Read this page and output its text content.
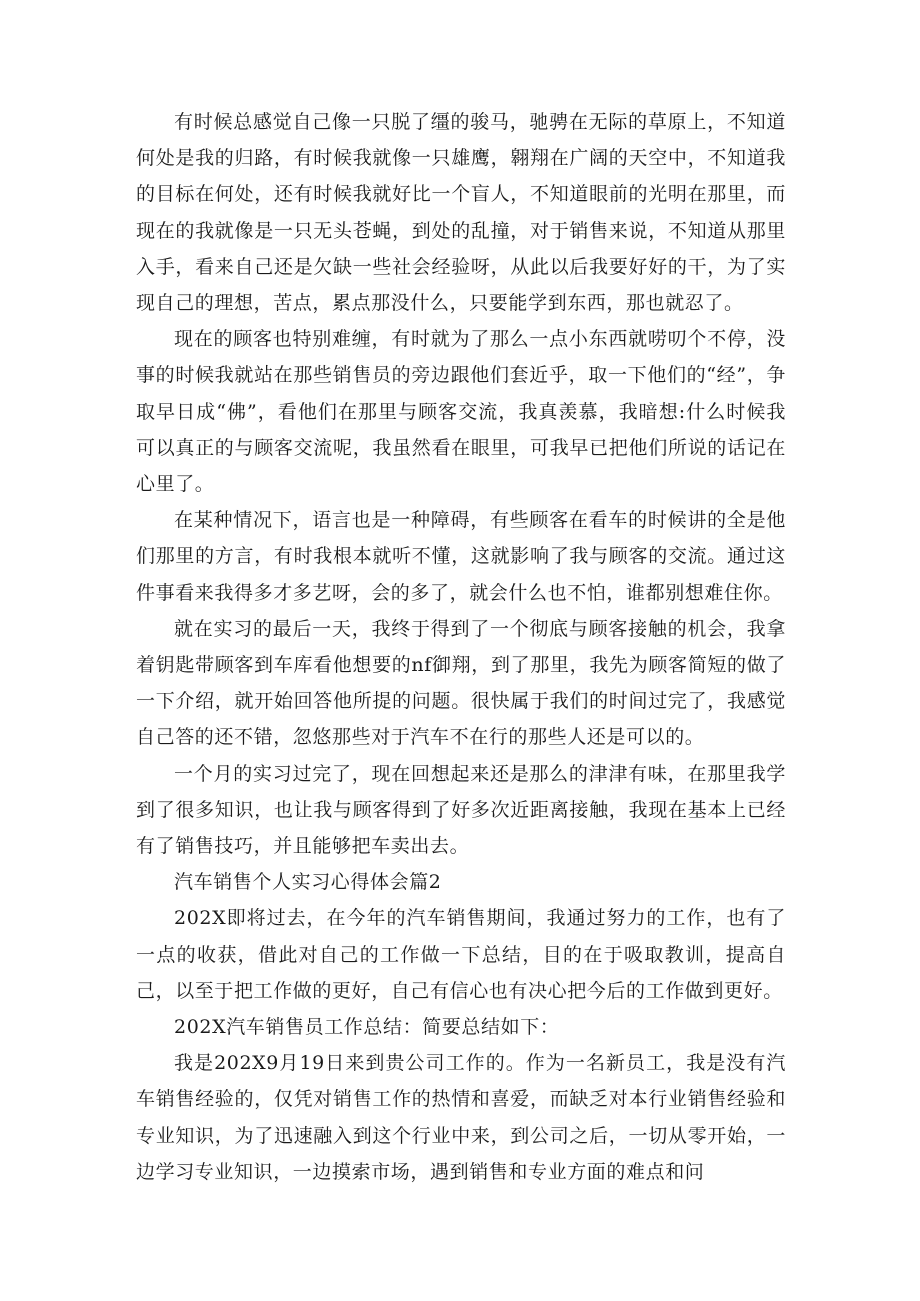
有时候总感觉自己像一只脱了缰的骏马，驰骋在无际的草原上，不知道何处是我的归路，有时候我就像一只雄鹰，翱翔在广阔的天空中，不知道我的目标在何处，还有时候我就好比一个盲人，不知道眼前的光明在那里，而现在的我就像是一只无头苍蝇，到处的乱撞，对于销售来说，不知道从那里入手，看来自己还是欠缺一些社会经验呀，从此以后我要好好的干，为了实现自己的理想，苦点，累点那没什么，只要能学到东西，那也就忍了。

现在的顾客也特别难缠，有时就为了那么一点小东西就唠叨个不停，没事的时候我就站在那些销售员的旁边跟他们套近乎，取一下他们的“经”，争取早日成“佛”，看他们在那里与顾客交流，我真羡慕，我暗想:什么时候我可以真正的与顾客交流呢，我虽然看在眼里，可我早已把他们所说的话记在心里了。

在某种情况下，语言也是一种障碍，有些顾客在看车的时候讲的全是他们那里的方言，有时我根本就听不懂，这就影响了我与顾客的交流。通过这件事看来我得多才多艺呀，会的多了，就会什么也不怕，谁都别想难住你。

就在实习的最后一天，我终于得到了一个彻底与顾客接触的机会，我拿着钥匙带顾客到车库看他想要的nf御翔，到了那里，我先为顾客简短的做了一下介绍，就开始回答他所提的问题。很快属于我们的时间过完了，我感觉自己答的还不错，忽悠那些对于汽车不在行的那些人还是可以的。

一个月的实习过完了，现在回想起来还是那么的津津有味，在那里我学到了很多知识，也让我与顾客得到了好多次近距离接触，我现在基本上已经有了销售技巧，并且能够把车卖出去。

汽车销售个人实习心得体会篇2

202X即将过去，在今年的汽车销售期间，我通过努力的工作，也有了一点的收获，借此对自己的工作做一下总结，目的在于吸取教训，提高自己，以至于把工作做的更好，自己有信心也有决心把今后的工作做到更好。

202X汽车销售员工作总结：简要总结如下：

我是202X9月19日来到贵公司工作的。作为一名新员工，我是没有汽车销售经验的，仅凭对销售工作的热情和喜爱，而缺乏对本行业销售经验和专业知识，为了迅速融入到这个行业中来，到公司之后，一切从零开始，一边学习专业知识，一边摸索市场，遇到销售和专业方面的难点和问
